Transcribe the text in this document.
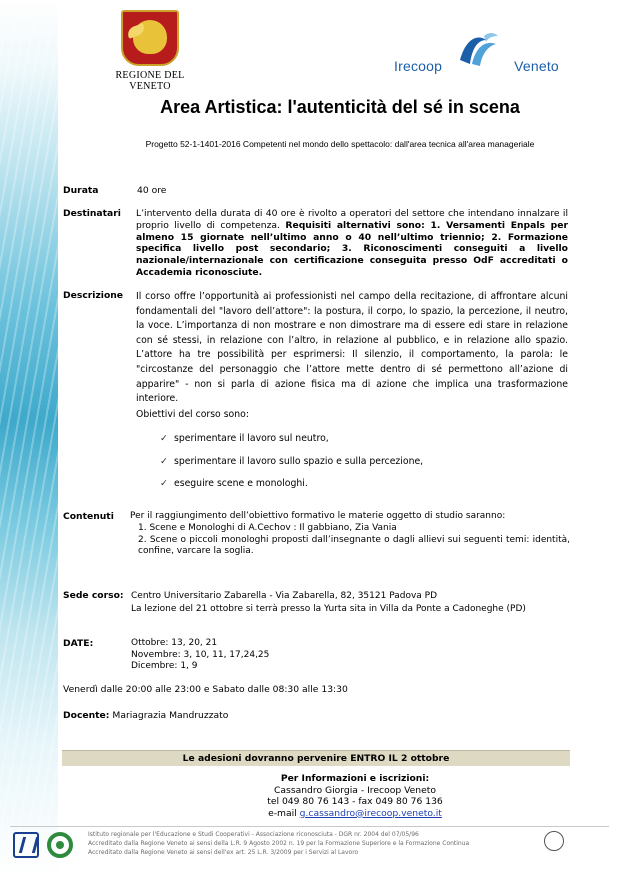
REGIONE DEL VENETO
Irecoop	Veneto
Area Artistica: l'autenticità del sé in scena
Progetto 52-1-1401-2016 Competenti nel mondo dello spettacolo: dall'area tecnica all'area manageriale
Durata	40 ore
Destinatari L’intervento della durata di 40 ore è rivolto a operatori del settore che intendano innalzare il proprio livello di competenza. Requisiti alternativi sono: 1. Versamenti Enpals per almeno 15 giornate nell’ultimo anno o 40 nell’ultimo triennio; 2. Formazione specifica livello post secondario; 3. Riconoscimenti conseguiti a livello nazionale/internazionale con certificazione conseguita presso OdF accreditati o Accademia riconosciute.
Descrizione Il corso offre l’opportunità ai professionisti nel campo della recitazione, di affrontare alcuni fondamentali del "lavoro dell’attore": la postura, il corpo, lo spazio, la percezione, il neutro, la voce. L’importanza di non mostrare e non dimostrare ma di essere edi stare in relazione con sé stessi, in relazione con l’altro, in relazione al pubblico, e in relazione allo spazio. L’attore ha tre possibilità per esprimersi: Il silenzio, il comportamento, la parola: le "circostanze del personaggio che l’attore mette dentro di sé permettono all’azione di apparire" - non si parla di azione fisica ma di azione che implica una trasformazione interiore.
Obiettivi del corso sono:
✓ sperimentare il lavoro sul neutro,
✓ sperimentare il lavoro sullo spazio e sulla percezione,
✓ eseguire scene e monologhi.
Contenuti Per il raggiungimento dell’obiettivo formativo le materie oggetto di studio saranno:
1. Scene e Monologhi di A.Cechov : Il gabbiano, Zia Vania
2. Scene o piccoli monologhi proposti dall’insegnante o dagli allievi sui seguenti temi: identità, confine, varcare la soglia.
Sede corso: Centro Universitario Zabarella - Via Zabarella, 82, 35121 Padova PD
La lezione del 21 ottobre si terrà presso la Yurta sita in Villa da Ponte a Cadoneghe (PD)
DATE:	Ottobre: 13, 20, 21
Novembre: 3, 10, 11, 17,24,25
Dicembre: 1, 9
Venerdì dalle 20:00 alle 23:00 e Sabato dalle 08:30 alle 13:30
Docente: Mariagrazia Mandruzzato
Le adesioni dovranno pervenire ENTRO IL 2 ottobre
Per Informazioni e iscrizioni:
Cassandro Giorgia - Irecoop Veneto
tel 049 80 76 143 - fax 049 80 76 136
e-mail g.cassandro@irecoop.veneto.it
Istituto regionale per l'Educazione e Studi Cooperativi - Associazione riconosciuta - DGR nr. 2004 del 07/05/96
Accreditato dalla Regione Veneto ai sensi della L.R. 9 Agosto 2002 n. 19 per la Formazione Superiore e la Formazione Continua
Accreditato dalla Regione Veneto ai sensi dell'ex art. 25 L.R. 3/2009 per i Servizi al Lavoro
